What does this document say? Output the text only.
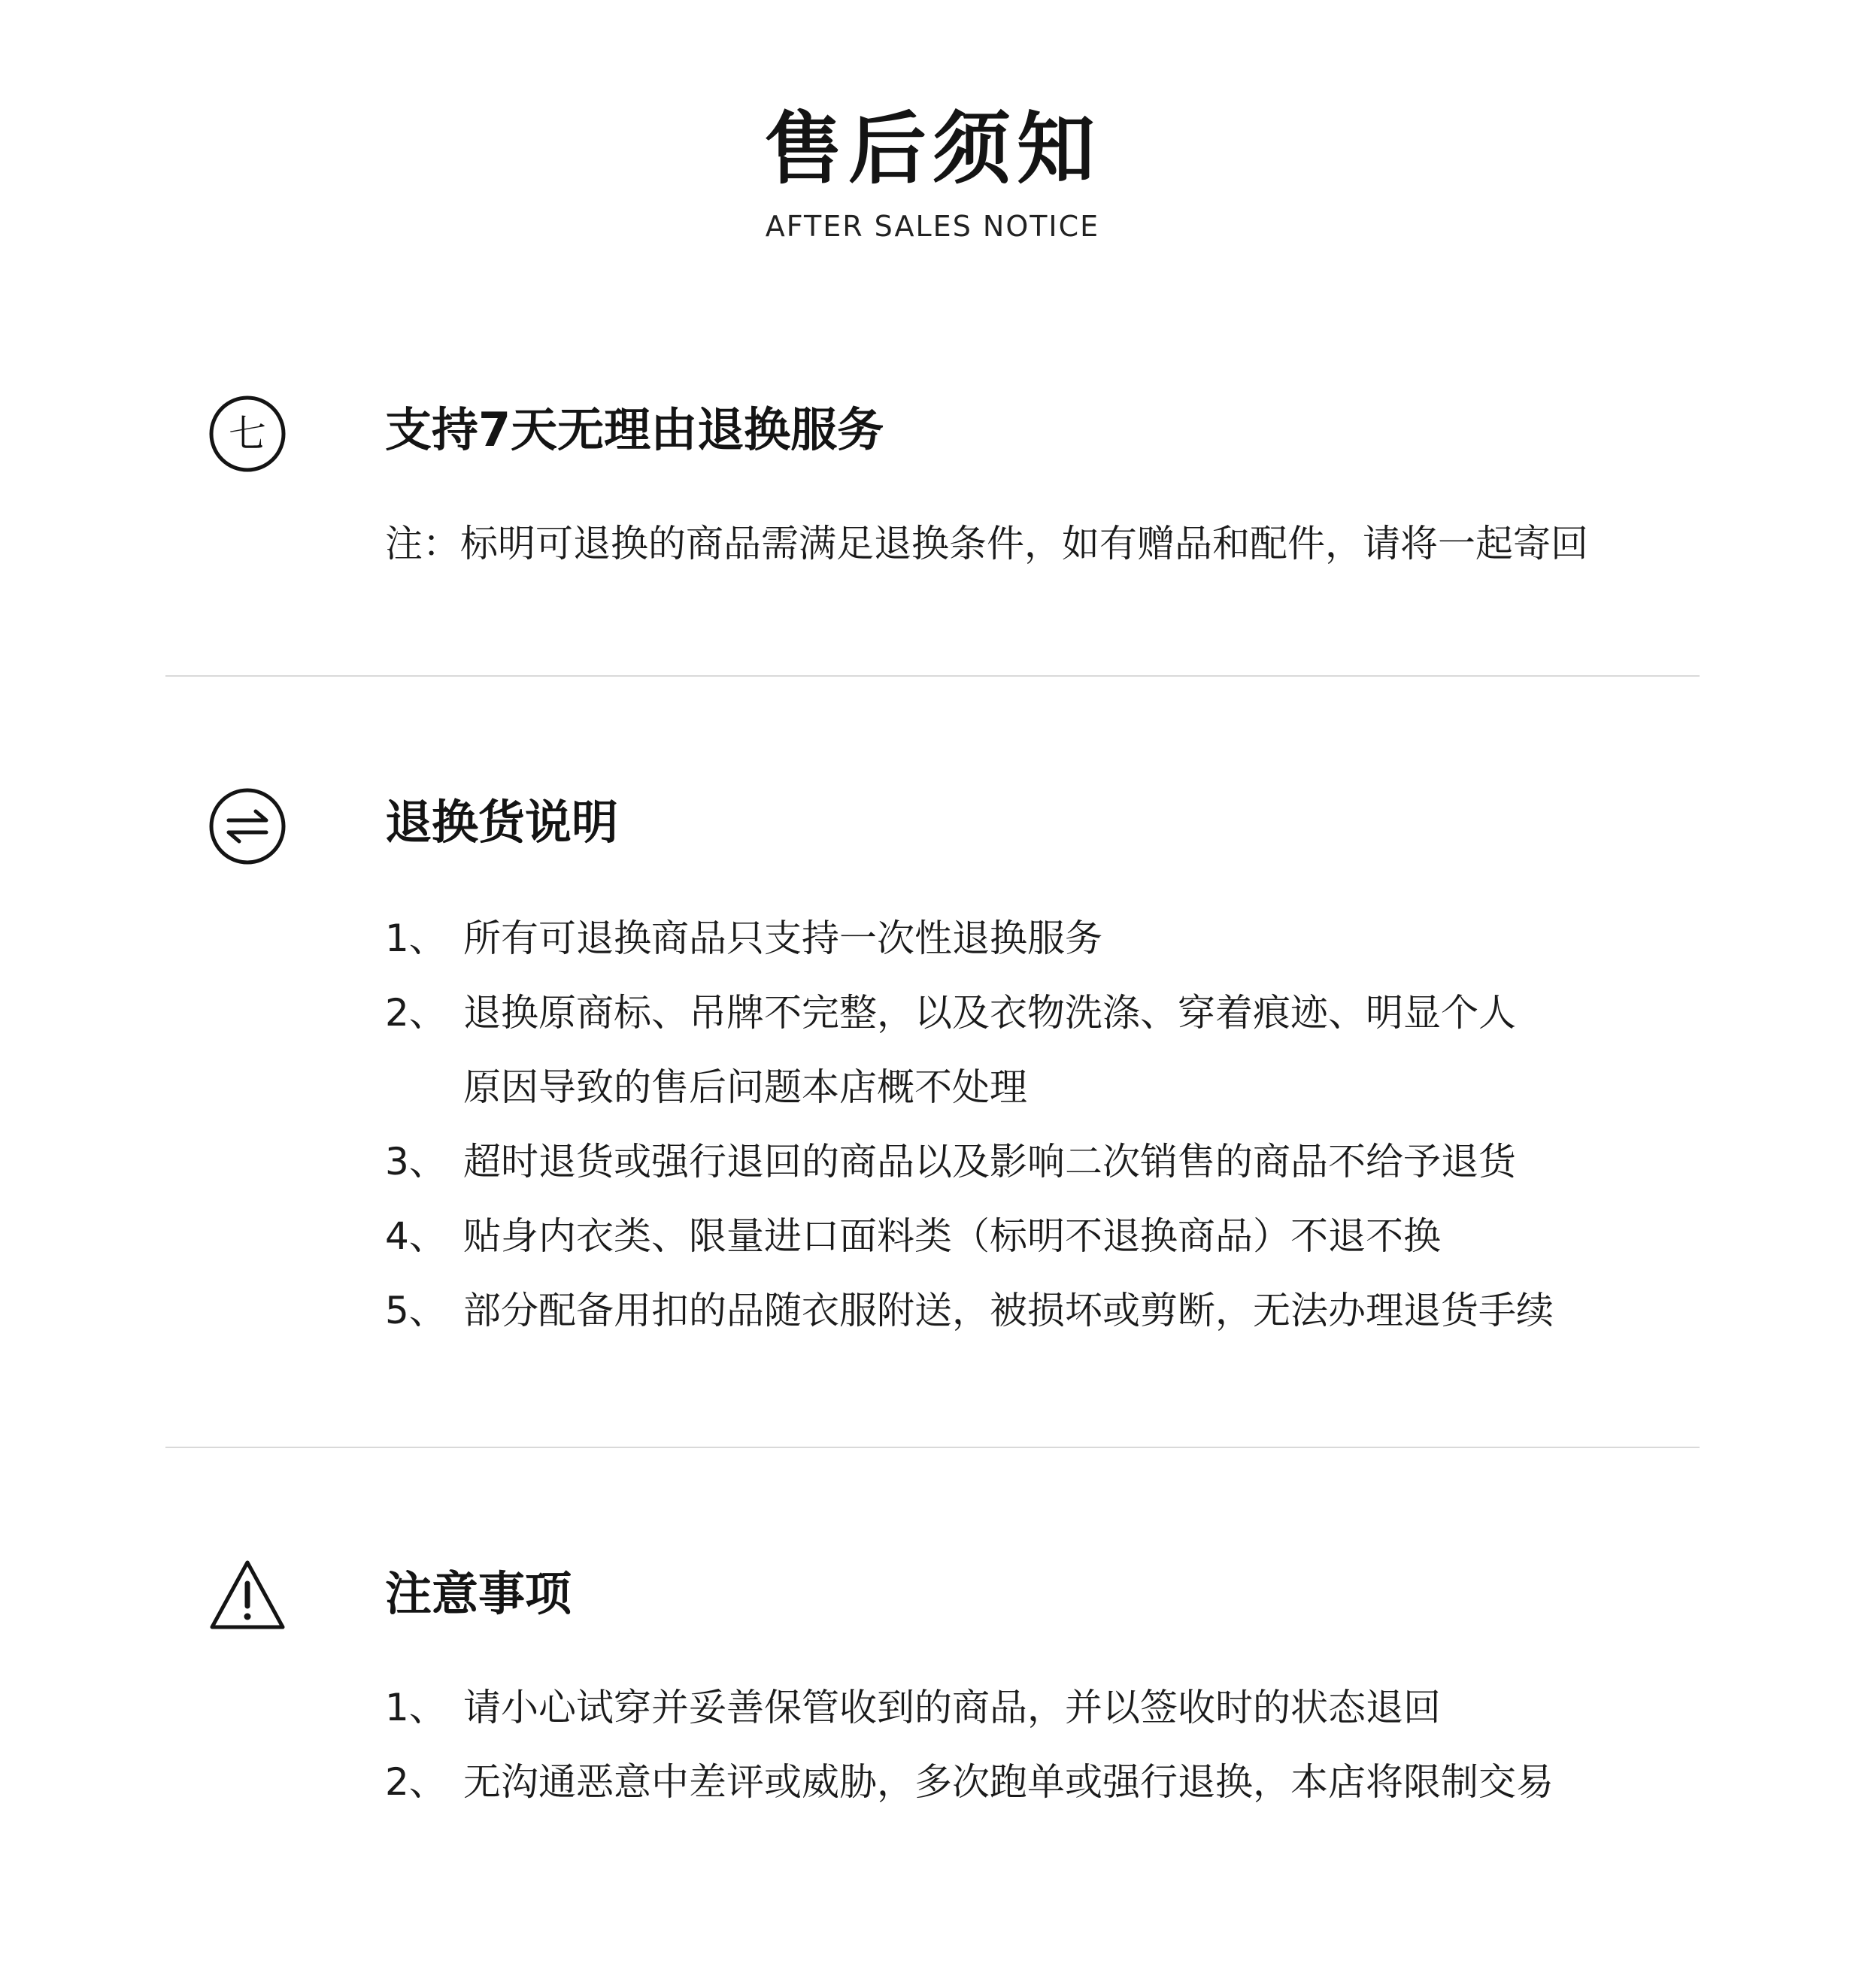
售后须知
AFTER SALES NOTICE
七	支持7天无理由退换服务
注：标明可退换的商品需满足退换条件，如有赠品和配件，请将一起寄回
退换货说明
1、 所有可退换商品只支持一次性退换服务
2、 退换原商标、吊牌不完整，以及衣物洗涤、穿着痕迹、明显个人
原因导致的售后问题本店概不处理
3、 超时退货或强行退回的商品以及影响二次销售的商品不给予退货
4、 贴身内衣类、限量进口面料类（标明不退换商品）不退不换
5、 部分配备用扣的品随衣服附送，被损坏或剪断，无法办理退货手续
注意事项
1、 请小心试穿并妥善保管收到的商品，并以签收时的状态退回
2、 无沟通恶意中差评或威胁，多次跑单或强行退换，本店将限制交易
